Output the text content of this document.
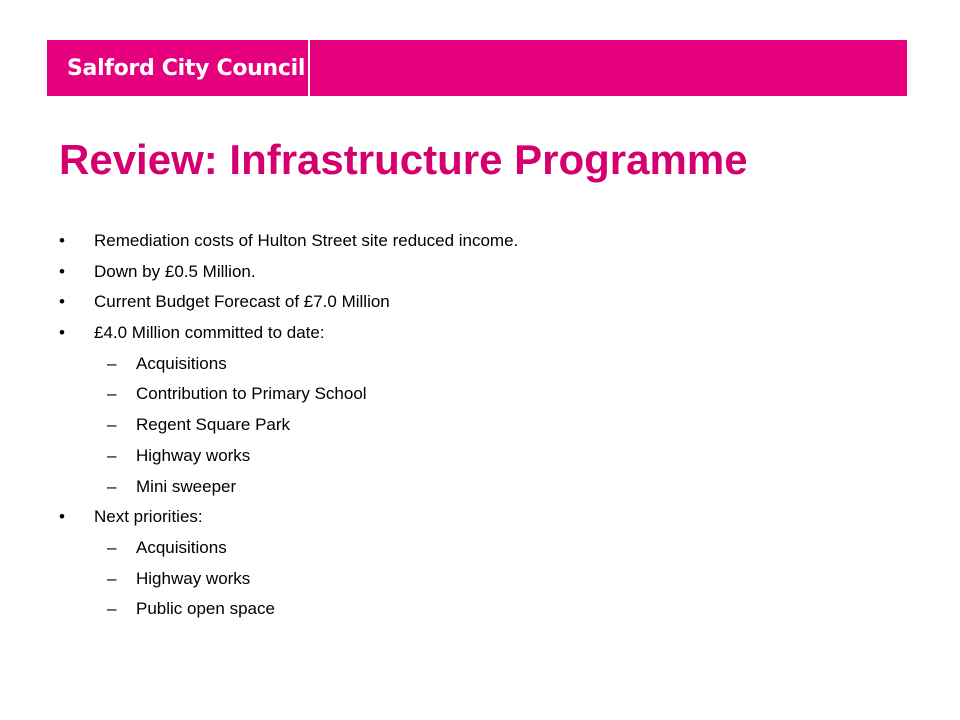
Salford City Council
Review: Infrastructure Programme
• Remediation costs of Hulton Street site reduced income.
• Down by £0.5 Million.
• Current Budget Forecast of £7.0 Million
• £4.0 Million committed to date:
– Acquisitions
– Contribution to Primary School
– Regent Square Park
– Highway works
– Mini sweeper
• Next priorities:
– Acquisitions
– Highway works
– Public open space
